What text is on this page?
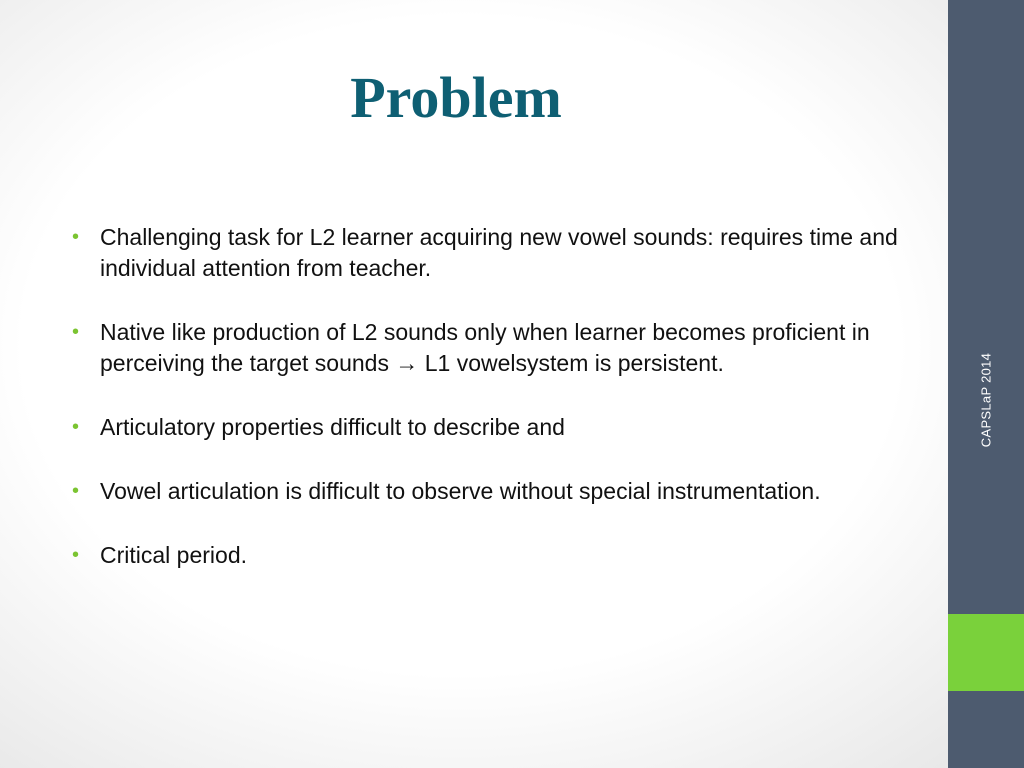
Problem
• Challenging task for L2 learner acquiring new vowel sounds: requires time and individual attention from teacher.
• Native like production of L2 sounds only when learner becomes proficient in perceiving the target sounds → L1 vowelsystem is persistent.
• Articulatory properties difficult to describe and
• Vowel articulation is difficult to observe without special instrumentation.
• Critical period.
CAPSLaP 2014
